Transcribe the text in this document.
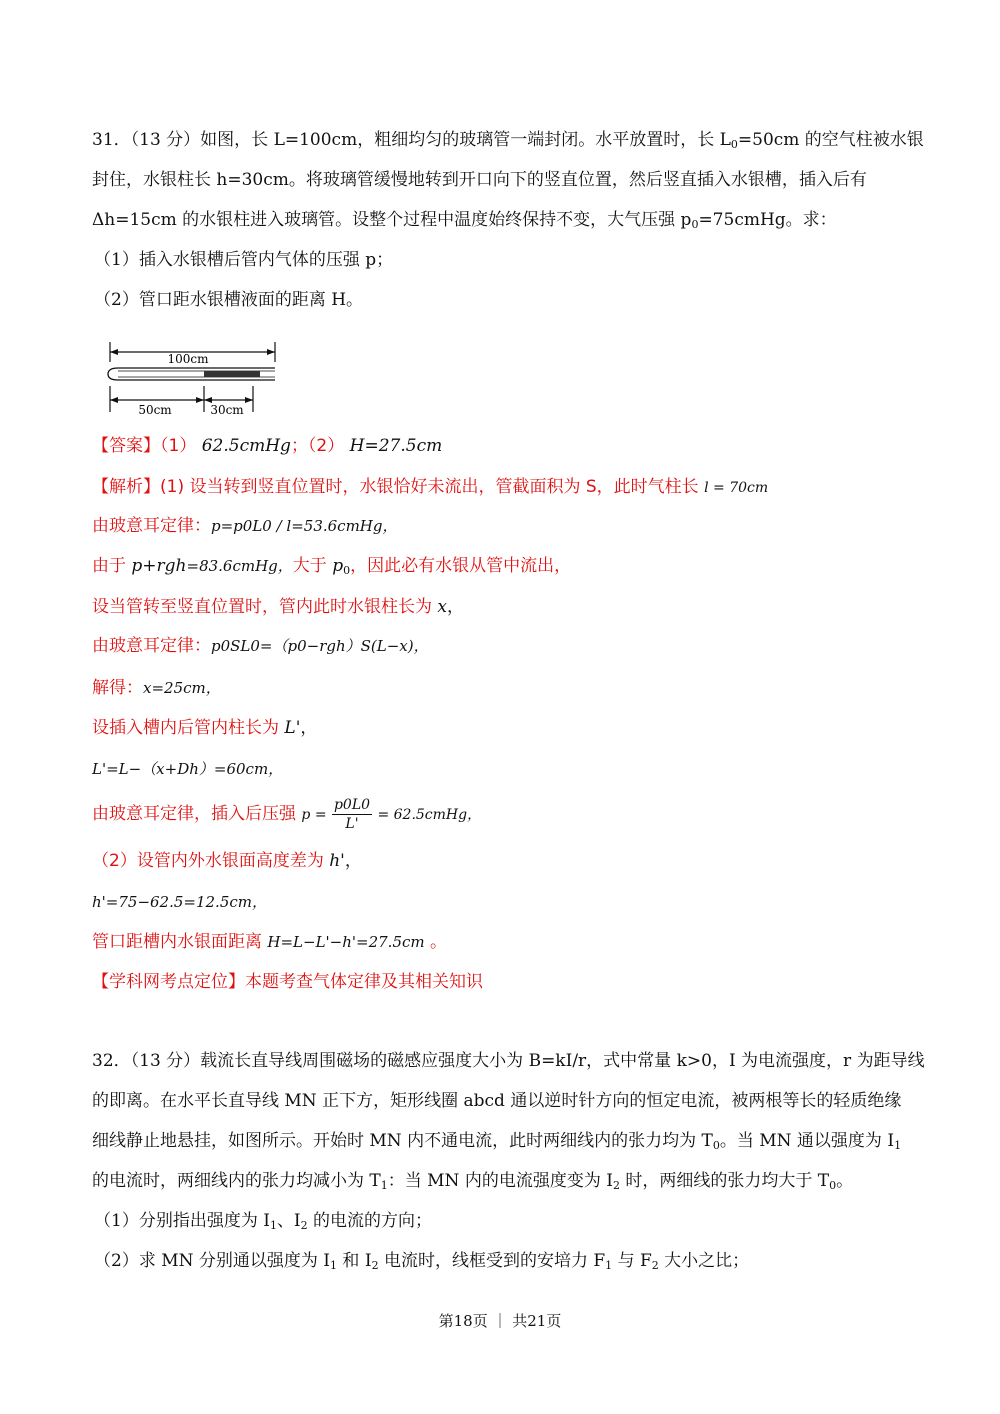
31．（13 分）如图，长 L=100cm，粗细均匀的玻璃管一端封闭。水平放置时，长 $L_0=50cm$ 的空气柱被水银
封住，水银柱长 h=30cm。将玻璃管缓慢地转到开口向下的竖直位置，然后竖直插入水银槽，插入后有
Δh=15cm 的水银柱进入玻璃管。设整个过程中温度始终保持不变，大气压强 $p_0=75cmHg$。求：
（1）插入水银槽后管内气体的压强 p；
（2）管口距水银槽液面的距离 H。
100cm
50cm	30cm
【答案】（1） 62.5cmHg；（2） H=27.5cm
【解析】(1) 设当转到竖直位置时，水银恰好未流出，管截面积为 S，此时气柱长 l = 70cm
由玻意耳定律：p=p0L0 / l=53.6cmHg，
由于 p+rgh=83.6cmHg，大于 $p_0$，因此必有水银从管中流出，
设当管转至竖直位置时，管内此时水银柱长为 x，
由玻意耳定律：p0SL0=（p0−rgh）S(L−x)，
解得：x=25cm，
设插入槽内后管内柱长为 L'，
L'=L−（x+Dh）=60cm，
由玻意耳定律，插入后压强 $p = \frac{p0L0}{L'}$ = 62.5cmHg，
（2）设管内外水银面高度差为 h'，
h'=75−62.5=12.5cm，
管口距槽内水银面距离 H=L−L'−h'=27.5cm 。
【学科网考点定位】本题考查气体定律及其相关知识
32．（13 分）载流长直导线周围磁场的磁感应强度大小为 B=kI/r，式中常量 k>0，I 为电流强度，r 为距导线
的即离。在水平长直导线 MN 正下方，矩形线圈 abcd 通以逆时针方向的恒定电流，被两根等长的轻质绝缘
细线静止地悬挂，如图所示。开始时 MN 内不通电流，此时两细线内的张力均为 $T_0$。当 MN 通以强度为 $I_1$
的电流时，两细线内的张力均减小为 $T_1$：当 MN 内的电流强度变为 $I_2$ 时，两细线的张力均大于 $T_0$。
（1）分别指出强度为 $I_1$、$I_2$ 的电流的方向；
（2）求 MN 分别通以强度为 $I_1$ 和 $I_2$ 电流时，线框受到的安培力 $F_1$ 与 $F_2$ 大小之比；
第18页 ｜ 共21页
